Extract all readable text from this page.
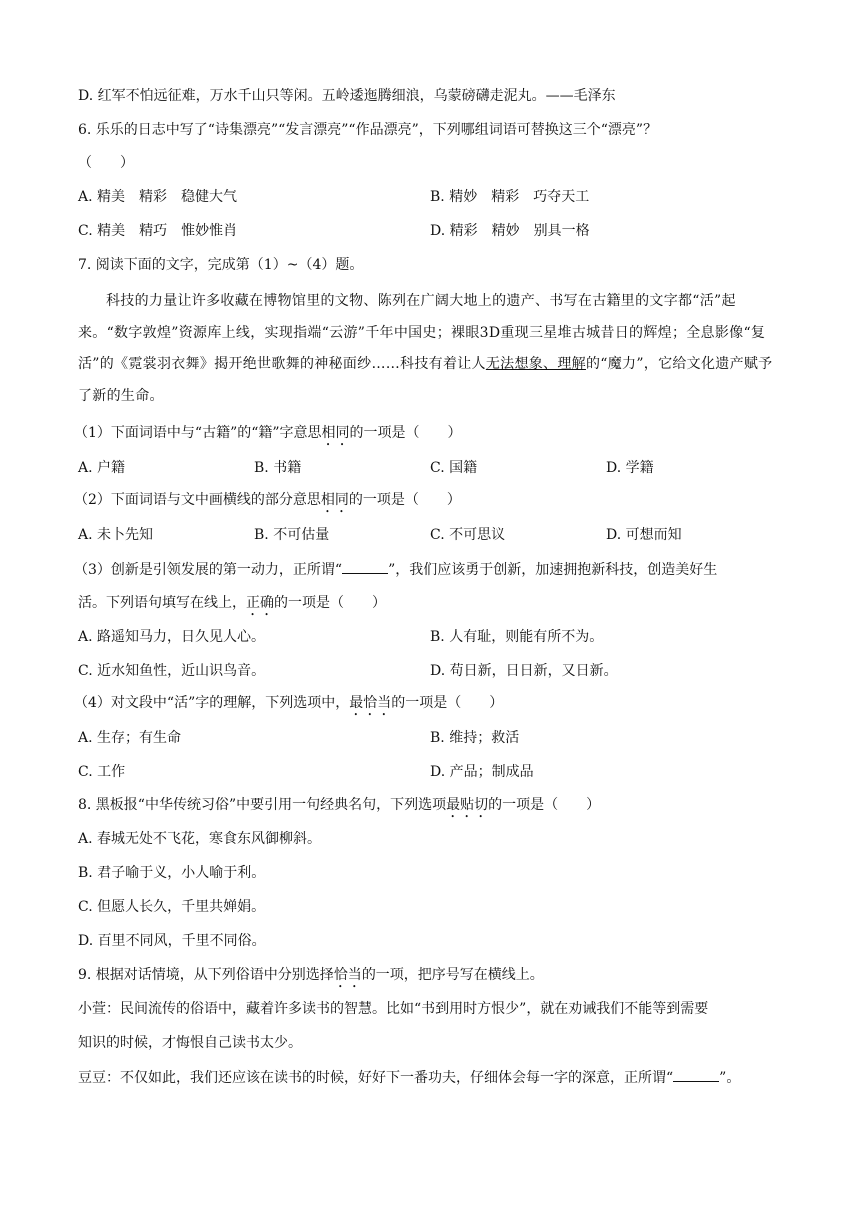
D. 红军不怕远征难，万水千山只等闲。五岭逶迤腾细浪，乌蒙磅礴走泥丸。——毛泽东
6. 乐乐的日志中写了“诗集漂亮”“发言漂亮”“作品漂亮”，下列哪组词语可替换这三个“漂亮”？
（　　）
A. 精美　精彩　稳健大气	B. 精妙　精彩　巧夺天工
C. 精美　精巧　惟妙惟肖	D. 精彩　精妙　别具一格
7. 阅读下面的文字，完成第（1）~（4）题。
科技的力量让许多收藏在博物馆里的文物、陈列在广阔大地上的遗产、书写在古籍里的文字都“活”起来。“数字敦煌”资源库上线，实现指端“云游”千年中国史；裸眼3D重现三星堆古城昔日的辉煌；全息影像“复活”的《霓裳羽衣舞》揭开绝世歌舞的神秘面纱……科技有着让人无法想象、理解的“魔力”，它给文化遗产赋予了新的生命。
（1）下面词语中与“古籍”的“籍”字意思相同的一项是（　　）
A. 户籍	B. 书籍	C. 国籍	D. 学籍
（2）下面词语与文中画横线的部分意思相同的一项是（　　）
A. 未卜先知	B. 不可估量	C. 不可思议	D. 可想而知
（3）创新是引领发展的第一动力，正所谓“	”，我们应该勇于创新，加速拥抱新科技，创造美好生
活。下列语句填写在线上，正确的一项是（　　）
A. 路遥知马力，日久见人心。	B. 人有耻，则能有所不为。
C. 近水知鱼性，近山识鸟音。	D. 苟日新，日日新，又日新。
（4）对文段中“活”字的理解，下列选项中，最恰当的一项是（　　）
A. 生存；有生命	B. 维持；救活
C. 工作	D. 产品；制成品
8. 黑板报“中华传统习俗”中要引用一句经典名句，下列选项最贴切的一项是（　　）
A. 春城无处不飞花，寒食东风御柳斜。
B. 君子喻于义，小人喻于利。
C. 但愿人长久，千里共婵娟。
D. 百里不同风，千里不同俗。
9. 根据对话情境，从下列俗语中分别选择恰当的一项，把序号写在横线上。
小萱：民间流传的俗语中，藏着许多读书的智慧。比如“书到用时方恨少”，就在劝诫我们不能等到需要
知识的时候，才悔恨自己读书太少。
豆豆：不仅如此，我们还应该在读书的时候，好好下一番功夫，仔细体会每一字的深意，正所谓“	”。
